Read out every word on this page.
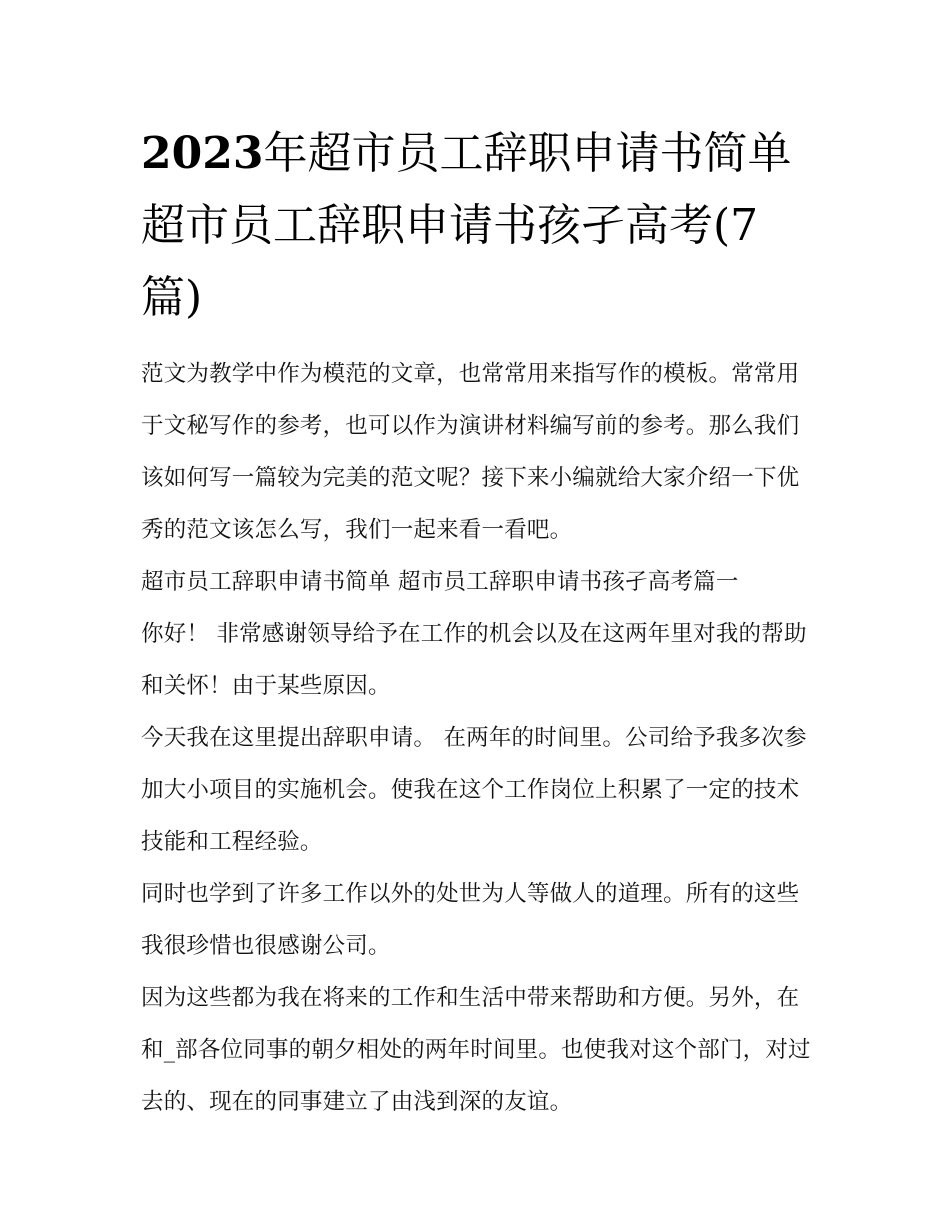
2023年超市员工辞职申请书简单 超市员工辞职申请书孩孑高考(7篇)

范文为教学中作为模范的文章，也常常用来指写作的模板。常常用于文秘写作的参考，也可以作为演讲材料编写前的参考。那么我们该如何写一篇较为完美的范文呢？接下来小编就给大家介绍一下优秀的范文该怎么写，我们一起来看一看吧。

超市员工辞职申请书简单 超市员工辞职申请书孩孑高考篇一

你好！ 非常感谢领导给予在工作的机会以及在这两年里对我的帮助和关怀！由于某些原因。

今天我在这里提出辞职申请。 在两年的时间里。公司给予我多次参加大小项目的实施机会。使我在这个工作岗位上积累了一定的技术技能和工程经验。

同时也学到了许多工作以外的处世为人等做人的道理。所有的这些我很珍惜也很感谢公司。

因为这些都为我在将来的工作和生活中带来帮助和方便。另外，在和_部各位同事的朝夕相处的两年时间里。也使我对这个部门，对过去的、现在的同事建立了由浅到深的友谊。
